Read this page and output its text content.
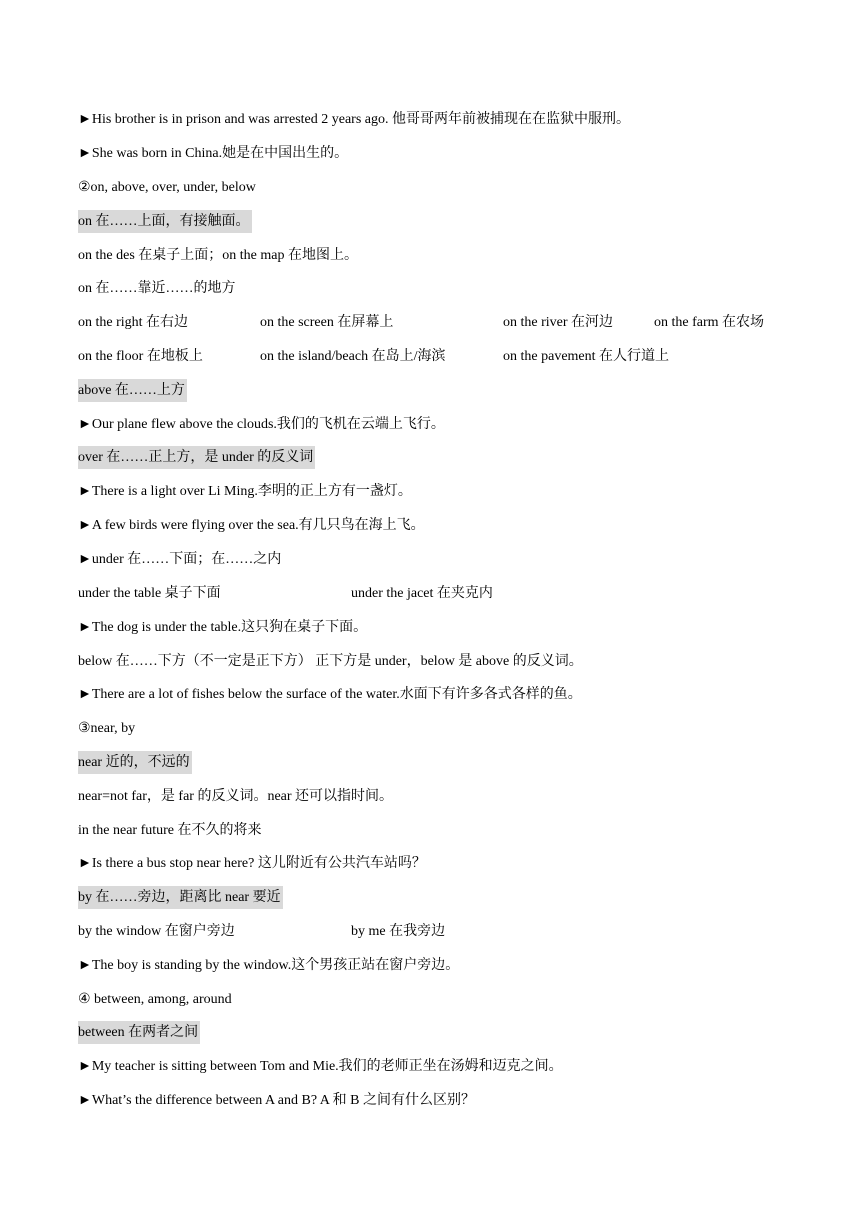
►His brother is in prison and was arrested 2 years ago. 他哥哥两年前被捕现在在监狱中服刑。
►She was born in China.她是在中国出生的。
②on, above, over, under, below
on 在……上面，有接触面。
on the des 在桌子上面；on the map 在地图上。
on 在……靠近……的地方
on the right 在右边	on the screen 在屏幕上	on the river 在河边	on the farm 在农场
on the floor 在地板上	on the island/beach 在岛上/海滨	on the pavement 在人行道上
above 在……上方
►Our plane flew above the clouds.我们的飞机在云端上飞行。
over 在……正上方，是 under 的反义词
►There is a light over Li Ming.李明的正上方有一盏灯。
►A few birds were flying over the sea.有几只鸟在海上飞。
►under 在……下面；在……之内
under the table 桌子下面	under the jacet 在夹克内
►The dog is under the table.这只狗在桌子下面。
below 在……下方（不一定是正下方） 正下方是 under，below 是 above 的反义词。
►There are a lot of fishes below the surface of the water.水面下有许多各式各样的鱼。
③near, by
near 近的，不远的
near=not far，是 far 的反义词。near 还可以指时间。
in the near future 在不久的将来
►Is there a bus stop near here? 这儿附近有公共汽车站吗？
by 在……旁边，距离比 near 要近
by the window 在窗户旁边	by me 在我旁边
►The boy is standing by the window.这个男孩正站在窗户旁边。
④ between, among, around
between 在两者之间
►My teacher is sitting between Tom and Mie.我们的老师正坐在汤姆和迈克之间。
►What’s the difference between A and B? A 和 B 之间有什么区别？
